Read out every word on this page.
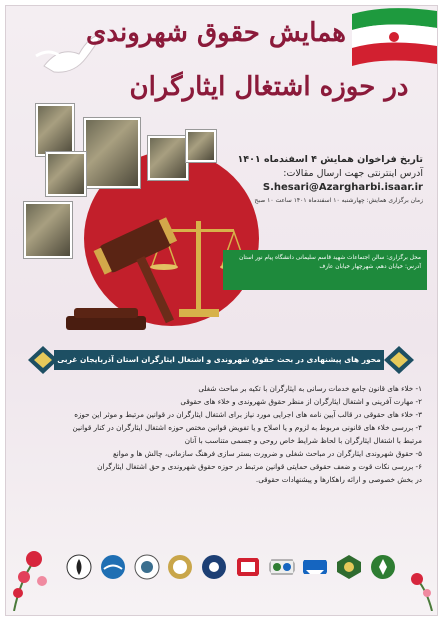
همایش حقوق شهروندی
در حوزه اشتغال ایثارگران
تاریخ فراخوان همایش ۴ اسفندماه ۱۴۰۱
آدرس اینترنتی جهت ارسال مقالات:
S.hesari@Azargharbi.isaar.ir
زمان برگزاری همایش: چهارشنبه ۱۰ اسفندماه ۱۴۰۱ ساعت ۱۰ صبح
محل برگزاری: سالن اجتماعات شهید قاسم سلیمانی دانشگاه پیام نور استان
آدرس: خیابان دهم، شهرچهار خیابان عارف
محور های پیشنهادی در بحث حقوق شهروندی و اشتغال ایثارگران استان آذربایجان غربی

۱- خلاء های قانون جامع خدمات رسانی به ایثارگران با تکیه بر مباحث شغلی

۲- مهارت آفرینی و اشتغال ایثارگران از منظر حقوق شهروندی و خلاء های حقوقی

۳- خلاء های حقوقی در قالب آیین نامه های اجرایی مورد نیاز برای اشتغال ایثارگران در قوانین مرتبط و موثر این حوزه

۴- بررسی خلاء های قانونی مربوط به لزوم و یا اصلاح و یا تفویض قوانین مختص حوزه اشتغال ایثارگران در کنار قوانین

مرتبط با اشتغال ایثارگران با لحاظ شرایط خاص روحی و جسمی متناسب با آنان

۵- حقوق شهروندی ایثارگران در مباحث شغلی و ضرورت بستر سازی فرهنگ سازمانی، چالش ها و موانع

۶- بررسی نکات قوت و ضعف حقوقی حمایتی قوانین مرتبط در حوزه حقوق شهروندی و حق اشتغال ایثارگران

در بخش خصوصی و ارائه راهکارها و پیشنهادات حقوقی.
